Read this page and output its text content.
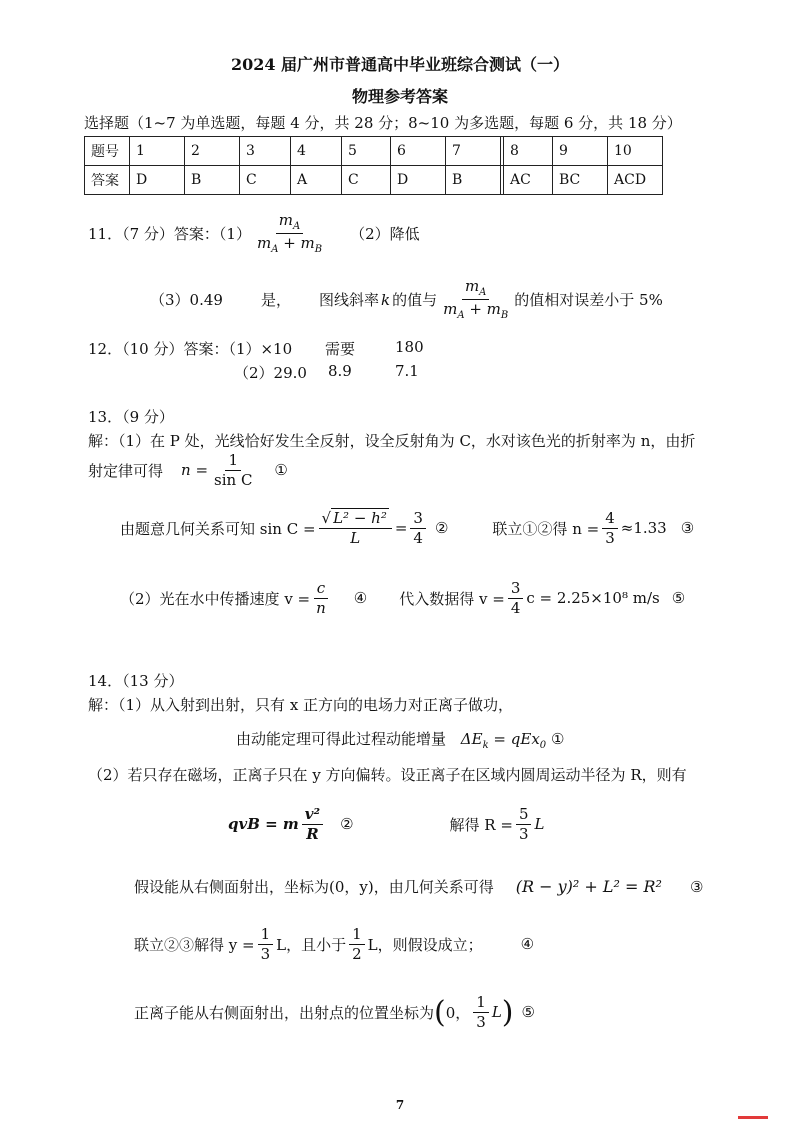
2024 届广州市普通高中毕业班综合测试（一）
物理参考答案
选择题（1~7 为单选题，每题 4 分，共 28 分；8~10 为多选题，每题 6 分，共 18 分）
题号	1	2	3	4	5	6	7		8	9	10
答案	D	B	C	A	C	D	B		AC	BC	ACD
11．（7 分）答案：$(1) \frac{m_A}{m_A + m_B} (2)$降低
（3）0.49	是， 图线斜率 k 的值与 $\frac{m_A}{m_A + m_B}$ 的值相对误差小于 5%
12．（10 分）答案：（1）×10 需要	180
（2）29.0 8.9	7.1
13．（9 分）
解：（1）在 P 处，光线恰好发生全反射，设全反射角为 C，水对该色光的折射率为 n，由折
射定律可得 $n = \frac{1}{\text{sin C}}$ ①
由题意几何关系可知 $\sin C = \frac{\text{√ L² − h²}}{L} = \frac{3}{4}$ ②	联立①②得 $n = \frac{4}{3} \approx 1.33$ ③
（2）光在水中传播速度 $v = \frac{c}{n}$ ④ 代入数据得 $v = \frac{3}{4}$ c = 2.25×10⁸ m/s ⑤
14．（13 分）
解：（1）从入射到出射，只有 x 正方向的电场力对正离子做功，
由动能定理可得此过程动能增量 $\Delta E_k = qEx_0$ ①
（2）若只存在磁场，正离子只在 y 方向偏转。设正离子在区域内圆周运动半径为 R，则有
qvB = m $\frac{\text{v²}}{R}$ ②	解得 $R = \frac{5}{3}$ L
假设能从右侧面射出，坐标为(0，y)，由几何关系可得 (R − y)² + L² = R² ③
联立②③解得 $y = \frac{1}{3}$ L，且小于 $\frac{1}{2}$ L，则假设成立；	④
正离子能从右侧面射出，出射点的位置坐标为 ( 0， $\frac{1}{3}$ L ) ⑤
7
